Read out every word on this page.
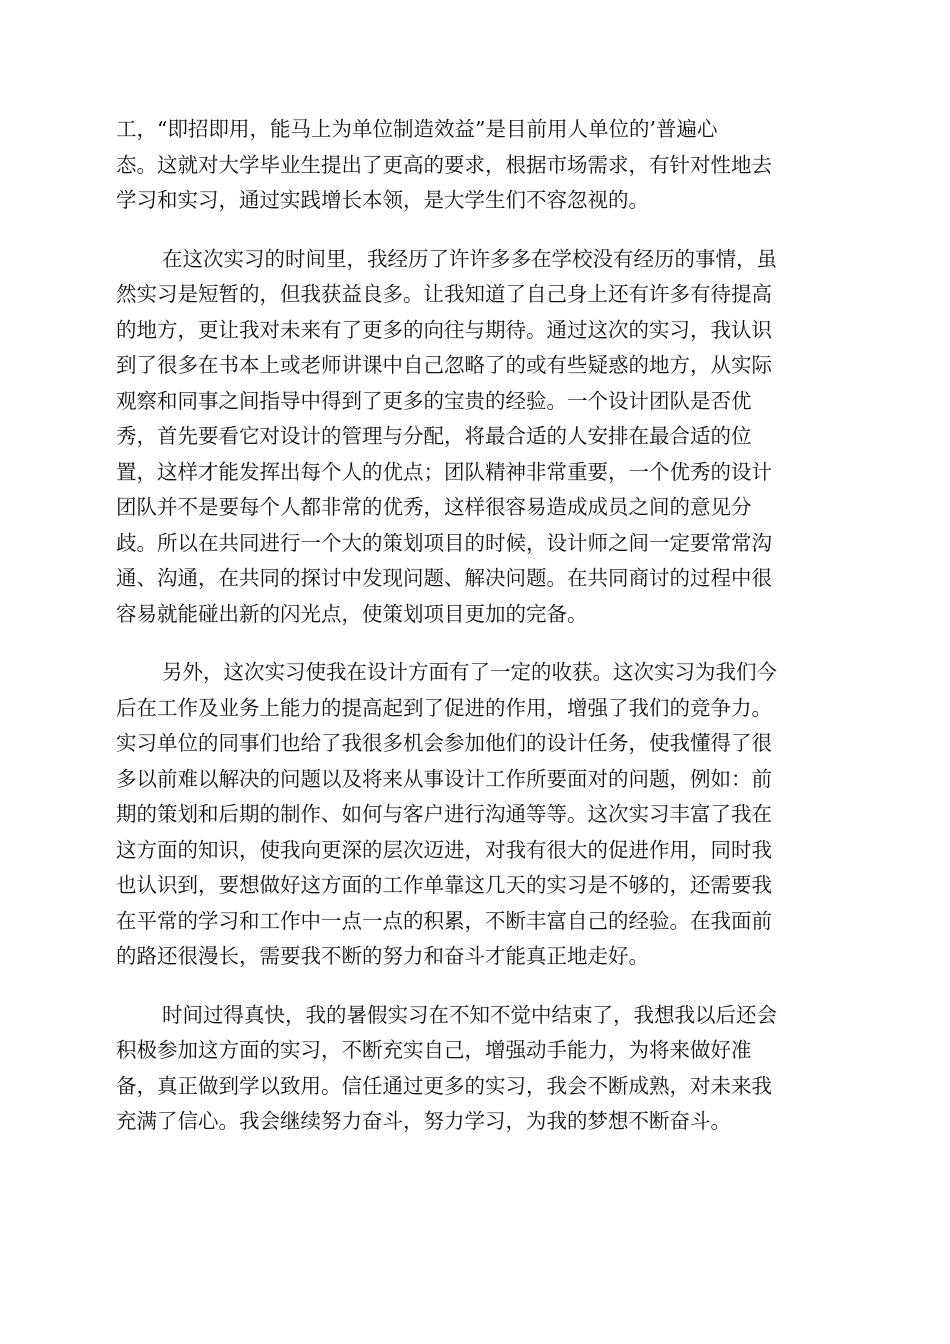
工，“即招即用，能马上为单位制造效益”是目前用人单位的’普遍心
态。这就对大学毕业生提出了更高的要求，根据市场需求，有针对性地去
学习和实习，通过实践增长本领，是大学生们不容忽视的。

在这次实习的时间里，我经历了许许多多在学校没有经历的事情，虽
然实习是短暂的，但我获益良多。让我知道了自己身上还有许多有待提高
的地方，更让我对未来有了更多的向往与期待。通过这次的实习，我认识
到了很多在书本上或老师讲课中自己忽略了的或有些疑惑的地方，从实际
观察和同事之间指导中得到了更多的宝贵的经验。一个设计团队是否优
秀，首先要看它对设计的管理与分配，将最合适的人安排在最合适的位
置，这样才能发挥出每个人的优点；团队精神非常重要，一个优秀的设计
团队并不是要每个人都非常的优秀，这样很容易造成成员之间的意见分
歧。所以在共同进行一个大的策划项目的时候，设计师之间一定要常常沟
通、沟通，在共同的探讨中发现问题、解决问题。在共同商讨的过程中很
容易就能碰出新的闪光点，使策划项目更加的完备。

另外，这次实习使我在设计方面有了一定的收获。这次实习为我们今
后在工作及业务上能力的提高起到了促进的作用，增强了我们的竞争力。
实习单位的同事们也给了我很多机会参加他们的设计任务，使我懂得了很
多以前难以解决的问题以及将来从事设计工作所要面对的问题，例如：前
期的策划和后期的制作、如何与客户进行沟通等等。这次实习丰富了我在
这方面的知识，使我向更深的层次迈进，对我有很大的促进作用，同时我
也认识到，要想做好这方面的工作单靠这几天的实习是不够的，还需要我
在平常的学习和工作中一点一点的积累，不断丰富自己的经验。在我面前
的路还很漫长，需要我不断的努力和奋斗才能真正地走好。

时间过得真快，我的暑假实习在不知不觉中结束了，我想我以后还会
积极参加这方面的实习，不断充实自己，增强动手能力，为将来做好准
备，真正做到学以致用。信任通过更多的实习，我会不断成熟，对未来我
充满了信心。我会继续努力奋斗，努力学习，为我的梦想不断奋斗。
